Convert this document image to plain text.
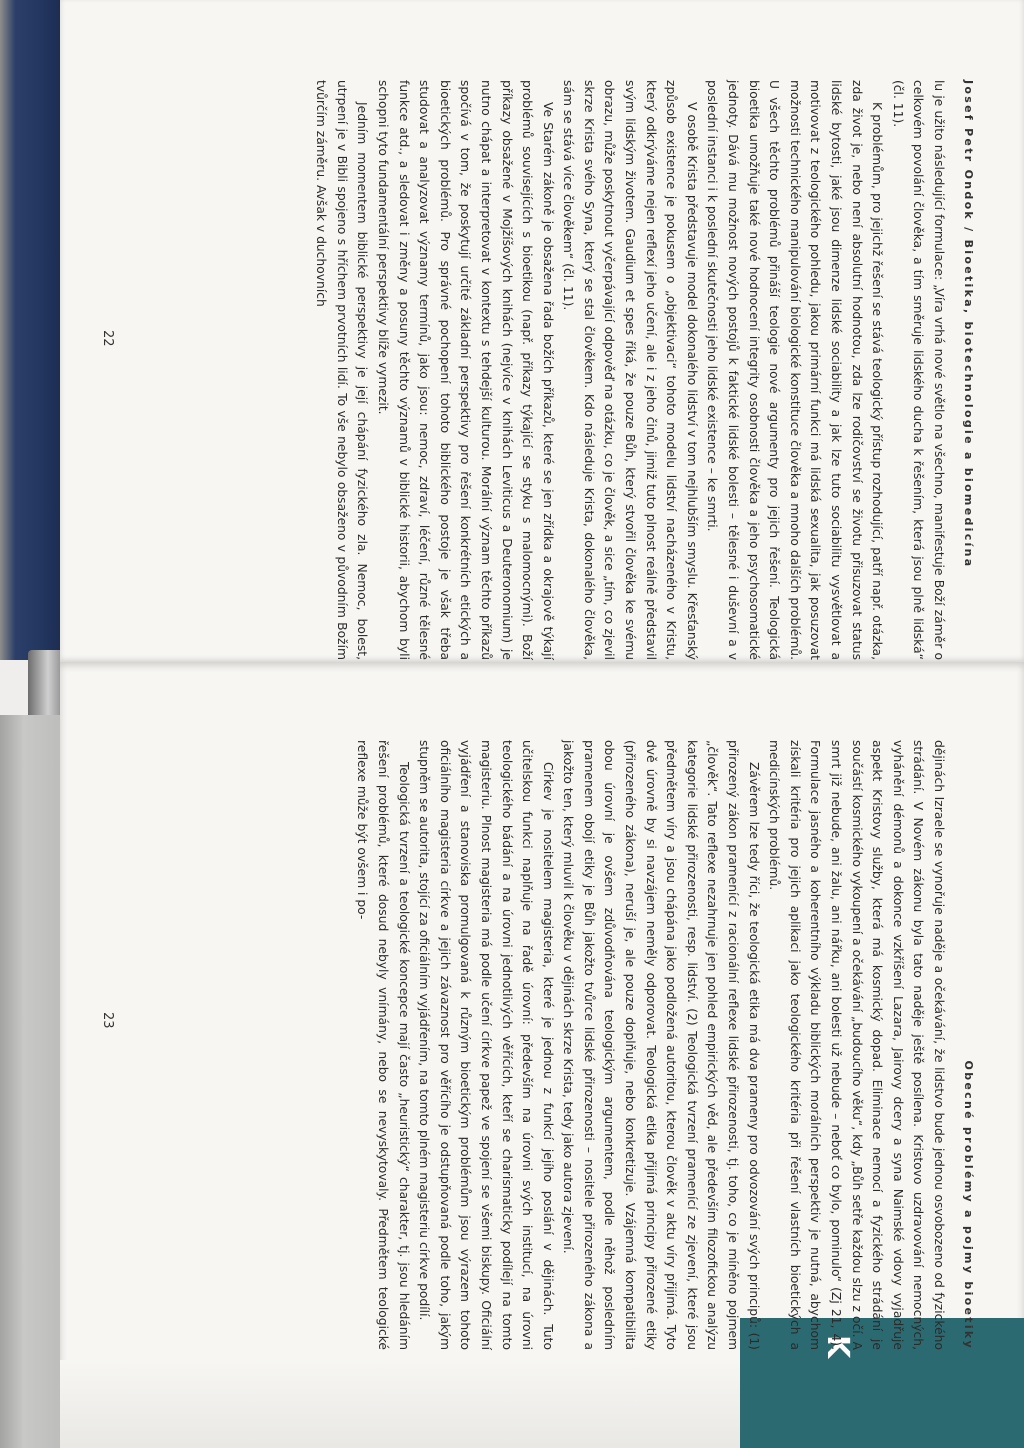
K
Josef Petr Ondok / Bioetika, biotechnologie a biomedicína

lu je užito následující formulace: „Víra vrhá nové světlo na všechno, manifestuje Boží záměr o celkovém povolání člověka, a tím směruje lidského ducha k řešením, která jsou plně lidská“ (čl. 11).

K problémům, pro jejichž řešení se stává teologický přístup rozhodující, patří např. otázka, zda život je, nebo není absolutní hodnotou, zda lze rodičovství se životu přisuzovat status lidské bytosti, jaké jsou dimenze lidské sociability a jak lze tuto sociabilitu vysvětlovat a motivovat z teologického pohledu, jakou primární funkci má lidská sexualita, jak posuzovat možnosti technického manipulování biologické konstituce člověka a mnoho dalších problémů. U všech těchto problémů přináší teologie nové argumenty pro jejich řešení. Teologická bioetika umožňuje také nové hodnocení integrity osobnosti člověka a jeho psychosomatické jednoty. Dává mu možnost nových postojů k faktické lidské bolesti – tělesné i duševní a v poslední instanci i k poslední skutečnosti jeho lidské existence – ke smrti.

V osobě Krista představuje model dokonalého lidství v tom nejhlubším smyslu. Křesťanský způsob existence je pokusem o „objektivaci“ tohoto modelu lidství nacházeného v Kristu, který odkrýváme nejen reflexí jeho učení, ale i z jeho činů, jimiž tuto plnost reálně představil svým lidským životem. Gaudium et spes říká, že pouze Bůh, který stvořil člověka ke svému obrazu, může poskytnout vyčerpávající odpověď na otázku, co je člověk, a sice „tím, co zjevil skrze Krista svého Syna, který se stal člověkem. Kdo následuje Krista, dokonalého člověka, sám se stává více člověkem“ (čl. 11).

Ve Starém zákoně je obsažena řada božích příkazů, které se jen zřídka a okrajově týkají problémů souvisejících s bioetikou (např. příkazy týkající se styku s malomocnými). Boží příkazy obsažené v Mojžíšových knihách (nejvíce v knihách Leviticus a Deuteronomium) je nutno chápat a interpretovat v kontextu s tehdejší kulturou. Morální význam těchto příkazů spočívá v tom, že poskytují určité základní perspektivy pro řešení konkrétních etických a bioetických problémů. Pro správné pochopení tohoto biblického postoje je však třeba studovat a analyzovat významy termínů, jako jsou: nemoc, zdraví, léčení, různé tělesné funkce atd., a sledovat i změny a posuny těchto významů v biblické historii, abychom byli schopni tyto fundamentální perspektivy blíže vymezit.

Jedním momentem biblické perspektivy je její chápání fyzického zla. Nemoc, bolest, utrpení je v Bibli spojeno s hříchem prvotních lidí. To vše nebylo obsaženo v původním Božím tvůrčím záměru. Avšak v duchovních

22
Obecné problémy a pojmy bioetiky

dějinách Izraele se vynořuje naděje a očekávání, že lidstvo bude jednou osvobozeno od fyzického strádání. V Novém zákonu byla tato naděje ještě posílena. Kristovo uzdravování nemocných, vyhánění démonů a dokonce vzkříšení Lazara, Jairovy dcery a syna Naimské vdovy vyjadřuje aspekt Kristovy služby, která má kosmický dopad. Eliminace nemocí a fyzického strádání je součástí kosmického vykoupení a očekávání „budoucího věku“, kdy „Bůh setře každou slzu z očí. A smrt již nebude, ani žalu, ani nářku, ani bolesti už nebude – neboť co bylo, pominulo“ (Zj 21, 4). Formulace jasného a koherentního výkladu biblických morálních perspektiv je nutná, abychom získali kritéria pro jejich aplikaci jako teologického kritéria při řešení vlastních bioetických a medicínských problémů.

Závěrem lze tedy říci, že teologická etika má dva prameny pro odvozování svých principů: (1) přirozený zákon pramenící z racionální reflexe lidské přirozenosti, tj. toho, co je míněno pojmem „člověk“. Tato reflexe nezahrnuje jen pohled empirických věd, ale především filozofickou analýzu kategorie lidské přirozenosti, resp. lidství. (2) Teologická tvrzení pramenící ze zjevení, které jsou předmětem víry a jsou chápána jako podložená autoritou, kterou člověk v aktu víry přijímá. Tyto dvě úrovně by si navzájem neměly odporovat. Teologická etika přijímá principy přirozené etiky (přirozeného zákona), neruší je, ale pouze doplňuje, nebo konkretizuje. Vzájemná kompatibilita obou úrovní je ovšem zdůvodňována teologickým argumentem, podle něhož posledním pramenem obojí etiky je Bůh jakožto tvůrce lidské přirozenosti – nositele přirozeného zákona a jakožto ten, který mluvil k člověku v dějinách skrze Krista, tedy jako autora zjevení.

Církev je nositelem magisteria, které je jednou z funkcí jejího poslání v dějinách. Tuto učitelskou funkci naplňuje na řadě úrovní: především na úrovni svých institucí, na úrovni teologického bádání a na úrovni jednotlivých věřících, kteří se charismaticky podílejí na tomto magisteriu. Plnost magisteria má podle učení církve papež ve spojení se všemi biskupy. Oficiální vyjádření a stanoviska promulgovaná k různým bioetickým problémům jsou výrazem tohoto oficiálního magisteria církve a jejich závaznost pro věřícího je odstupňovaná podle toho, jakým stupněm se autorita, stojící za oficiálním vyjádřením, na tomto plném magisteriu církve podílí.

Teologická tvrzení a teologické koncepce mají často „heuristický“ charakter, tj. jsou hledáním řešení problémů, které dosud nebyly vnímány, nebo se nevyskytovaly. Předmětem teologické reflexe může být ovšem i po-

23
